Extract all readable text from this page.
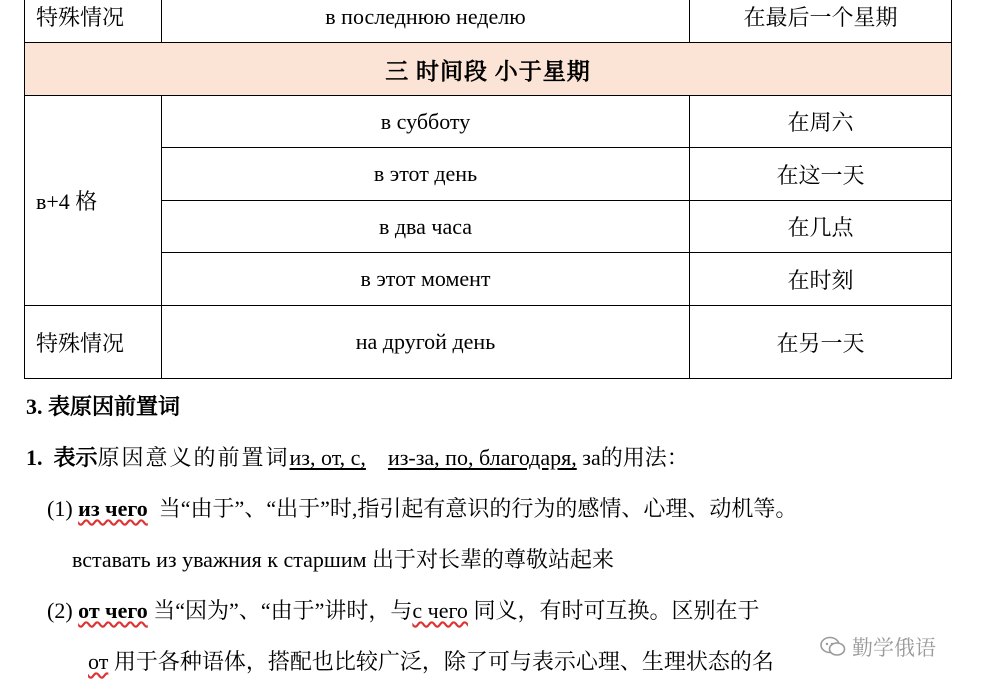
特殊情况	в последнюю неделю	在最后一个星期
三 时间段 小于星期		
в+4 格	в субботу	在周六
	в этот день	在这一天
	в два часа	在几点
	в этот момент	在时刻
特殊情况	на другой день	在另一天
3. 表原因前置词
1. 表示原因意义的前置词из, от, с, из-за, по, благодаря, за的用法：
(1) из чего 当“由于”、“出于”时,指引起有意识的行为的感情、心理、动机等。
вставать из уважния к старшим 出于对长辈的尊敬站起来
(2) от чего 当“因为”、“由于”讲时，与с чего 同义，有时可互换。区别在于
от 用于各种语体，搭配也比较广泛，除了可与表示心理、生理状态的名
勤学俄语
